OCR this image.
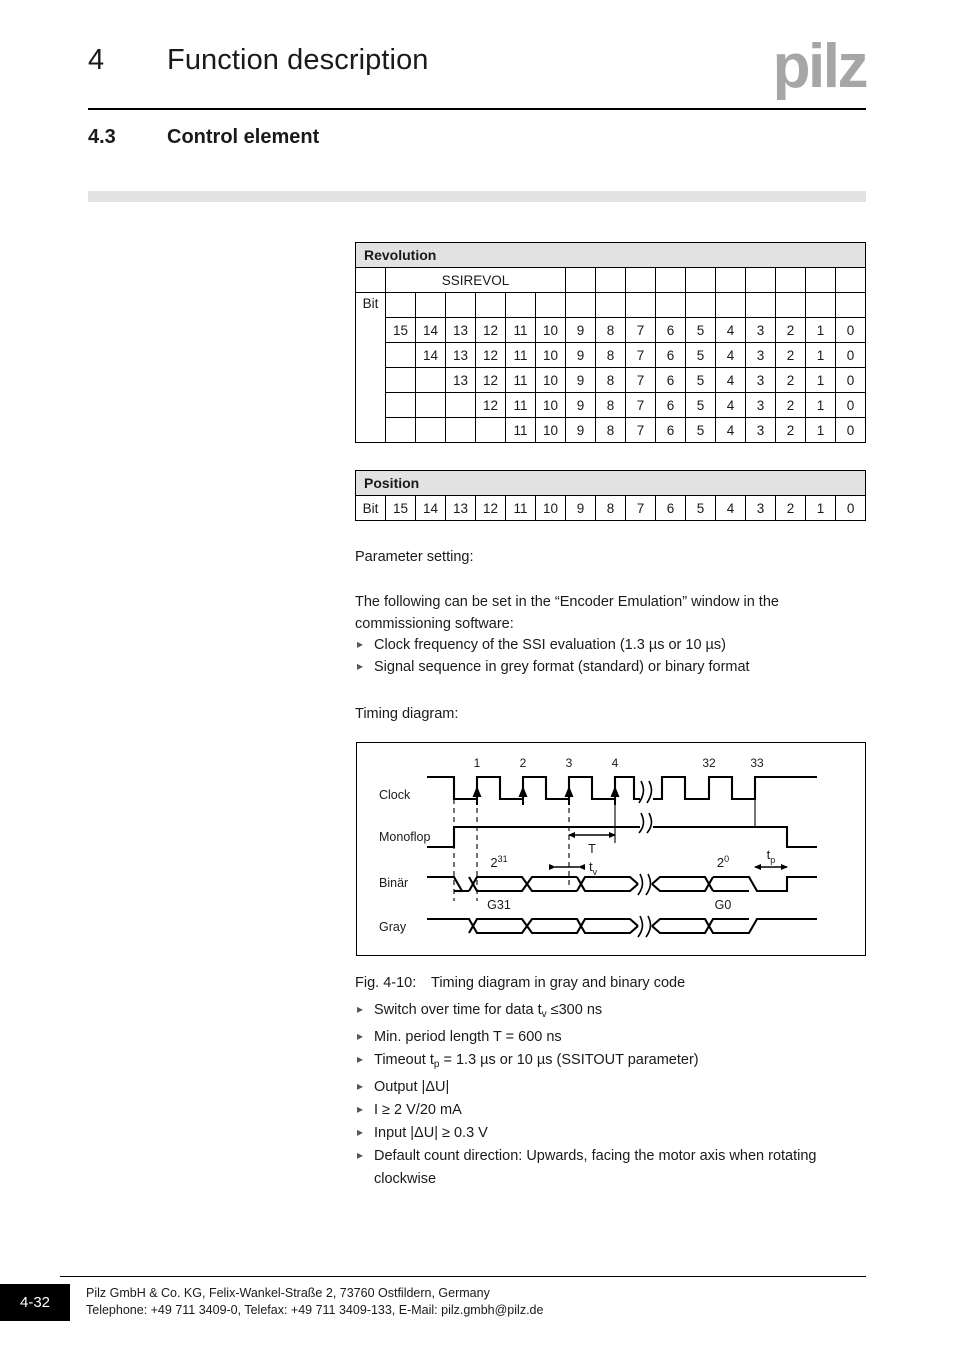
4 Function description	pilz
4.3	Control element
Revolution																
	SSIREVOL															
Bit																
	15	14	13	12	11	10	9	8	7	6	5	4	3	2	1	0
		14	13	12	11	10	9	8	7	6	5	4	3	2	1	0
			13	12	11	10	9	8	7	6	5	4	3	2	1	0
				12	11	10	9	8	7	6	5	4	3	2	1	0
					11	10	9	8	7	6	5	4	3	2	1	0
Position
Bit	15	14	13	12	11	10	9	8	7	6	5	4	3	2	1	0
Parameter setting:
The following can be set in the “Encoder Emulation” window in the commissioning software:
▸ Clock frequency of the SSI evaluation (1.3 µs or 10 µs)
▸ Signal sequence in grey format (standard) or binary format
Timing diagram:
Clock
Monoflop
Binär
Gray
1	2	3	4	32	33
T	$t_p$
$t_v$
$2^{31}$	$2^0$
G31	G0
Fig. 4-10: Timing diagram in gray and binary code
▸ Switch over time for data $t_v \le 300$ ns
▸ Min. period length T = 600 ns
▸ Timeout $t_p = 1.3$ µs or 10 µs (SSITOUT parameter)
▸ Output |ΔU|
▸ I ≥ 2 V/20 mA
▸ Input |ΔU| ≥ 0.3 V
▸ Default count direction: Upwards, facing the motor axis when rotating clockwise
4-32
Pilz GmbH & Co. KG, Felix-Wankel-Straße 2, 73760 Ostfildern, Germany
Telephone: +49 711 3409-0, Telefax: +49 711 3409-133, E-Mail: pilz.gmbh@pilz.de
